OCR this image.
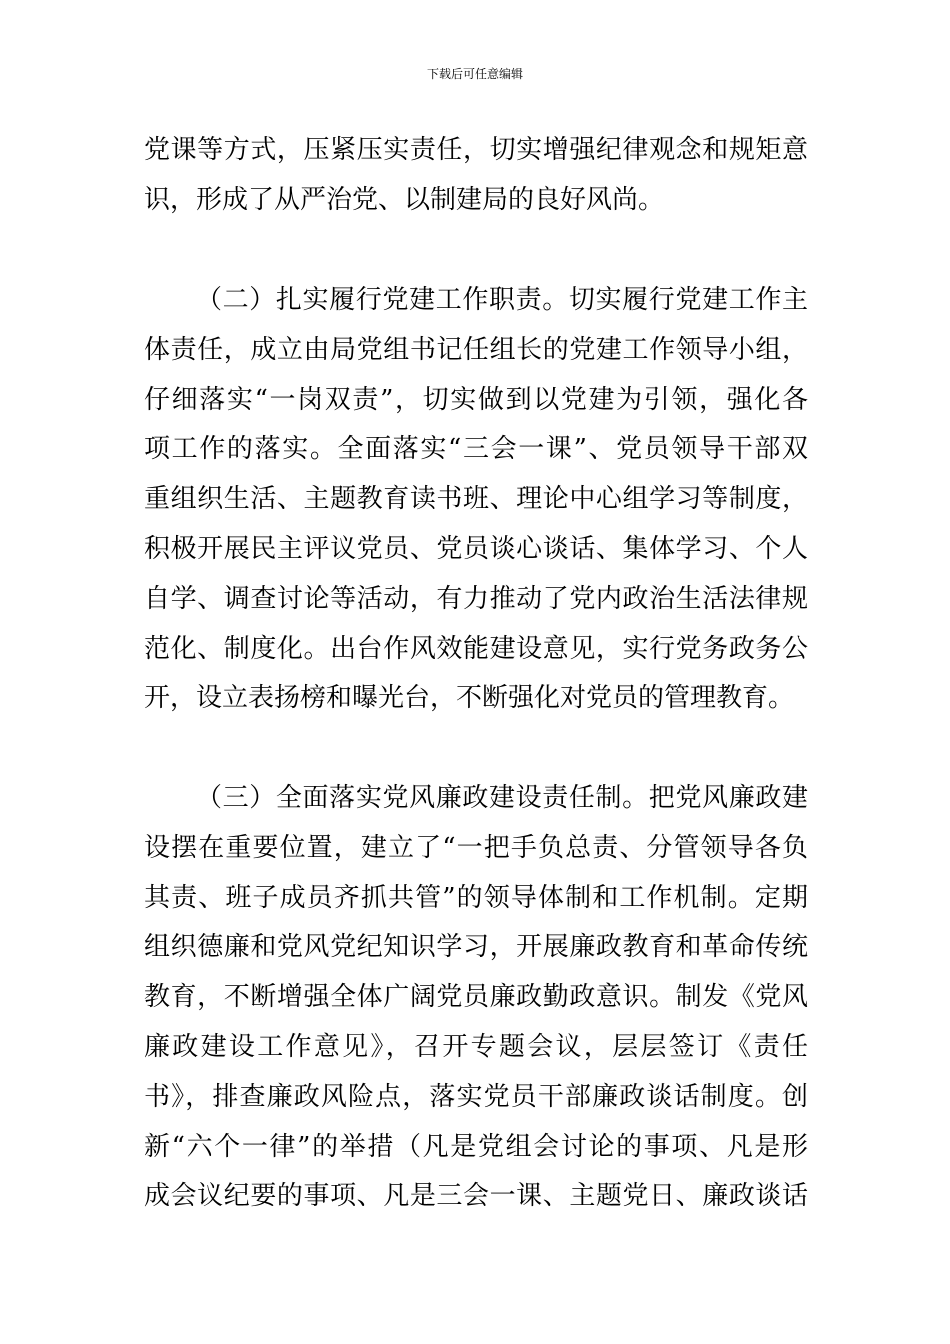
下载后可任意编辑
党课等方式，压紧压实责任，切实增强纪律观念和规矩意
识，形成了从严治党、以制建局的良好风尚。
（二）扎实履行党建工作职责。切实履行党建工作主
体责任，成立由局党组书记任组长的党建工作领导小组，
仔细落实“一岗双责”，切实做到以党建为引领，强化各
项工作的落实。全面落实“三会一课”、党员领导干部双
重组织生活、主题教育读书班、理论中心组学习等制度，
积极开展民主评议党员、党员谈心谈话、集体学习、个人
自学、调查讨论等活动，有力推动了党内政治生活法律规
范化、制度化。出台作风效能建设意见，实行党务政务公
开，设立表扬榜和曝光台，不断强化对党员的管理教育。
（三）全面落实党风廉政建设责任制。把党风廉政建
设摆在重要位置，建立了“一把手负总责、分管领导各负
其责、班子成员齐抓共管”的领导体制和工作机制。定期
组织德廉和党风党纪知识学习，开展廉政教育和革命传统
教育，不断增强全体广阔党员廉政勤政意识。制发《党风
廉政建设工作意见》，召开专题会议，层层签订《责任
书》，排查廉政风险点，落实党员干部廉政谈话制度。创
新“六个一律”的举措（凡是党组会讨论的事项、凡是形
成会议纪要的事项、凡是三会一课、主题党日、廉政谈话
